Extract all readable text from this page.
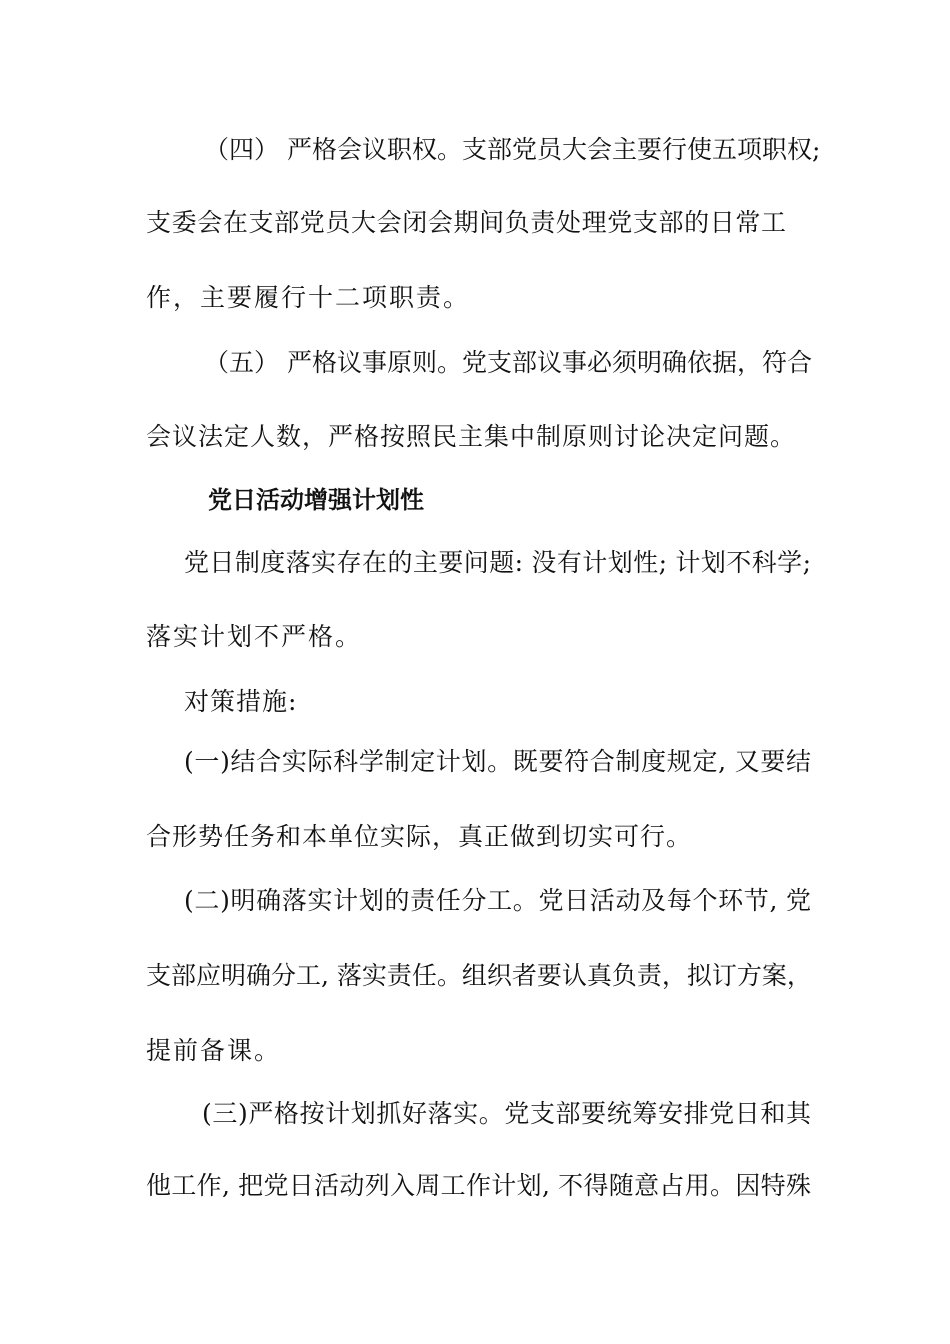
（四） 严格会议职权。支部党员大会主要行使五项职权;
支委会在支部党员大会闭会期间负责处理党支部的日常工
作，主要履行十二项职责。
（五） 严格议事原则。党支部议事必须明确依据，符合
会议法定人数，严格按照民主集中制原则讨论决定问题。
党日活动增强计划性
党日制度落实存在的主要问题: 没有计划性; 计划不科学;
落实计划不严格。
对策措施:
(一)结合实际科学制定计划。既要符合制度规定, 又要结
合形势任务和本单位实际，真正做到切实可行。
(二)明确落实计划的责任分工。党日活动及每个环节, 党
支部应明确分工, 落实责任。组织者要认真负责，拟订方案，
提前备课。
(三)严格按计划抓好落实。党支部要统筹安排党日和其
他工作, 把党日活动列入周工作计划, 不得随意占用。因特殊
